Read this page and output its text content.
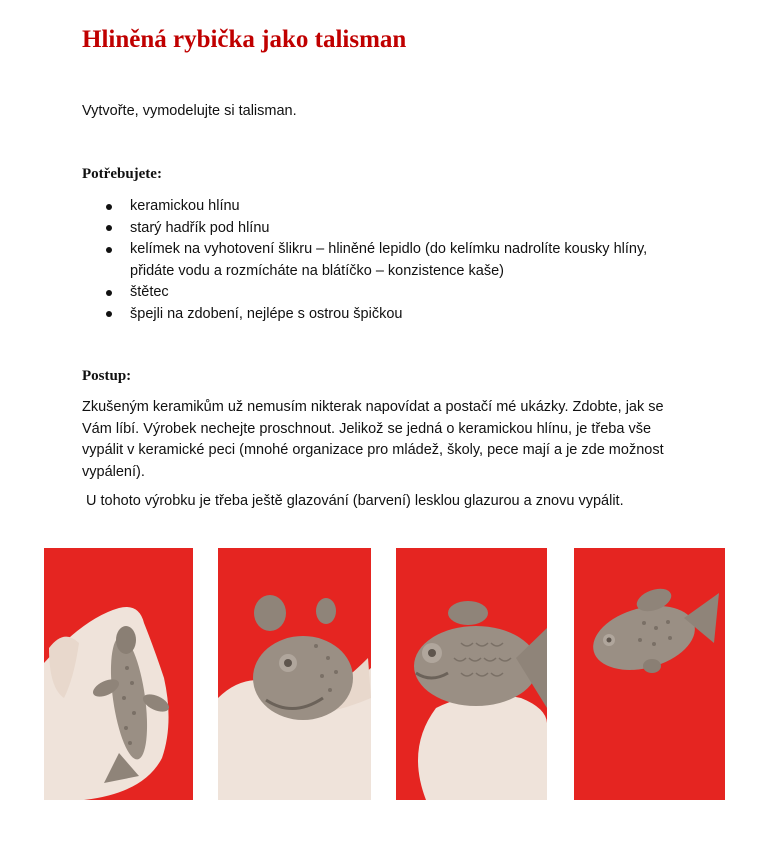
Hliněná rybička jako talisman

Vytvořte, vymodelujte si talisman.

Potřebujete:
keramickou hlínu
starý hadřík pod hlínu
kelímek na vyhotovení šlikru – hliněné lepidlo (do kelímku nadrolíte kousky hlíny, přidáte vodu a rozmícháte na blátíčko – konzistence kaše)
štětec
špejli na zdobení, nejlépe s ostrou špičkou
Postup:

Zkušeným keramikům už nemusím nikterak napovídat a postačí mé ukázky. Zdobte, jak se Vám líbí. Výrobek nechejte proschnout. Jelikož se jedná o keramickou hlínu, je třeba vše vypálit v keramické peci (mnohé organizace pro mládež, školy, pece mají a je zde možnost vypálení).

U tohoto výrobku je třeba ještě glazování (barvení) lesklou glazurou a znovu vypálit.
